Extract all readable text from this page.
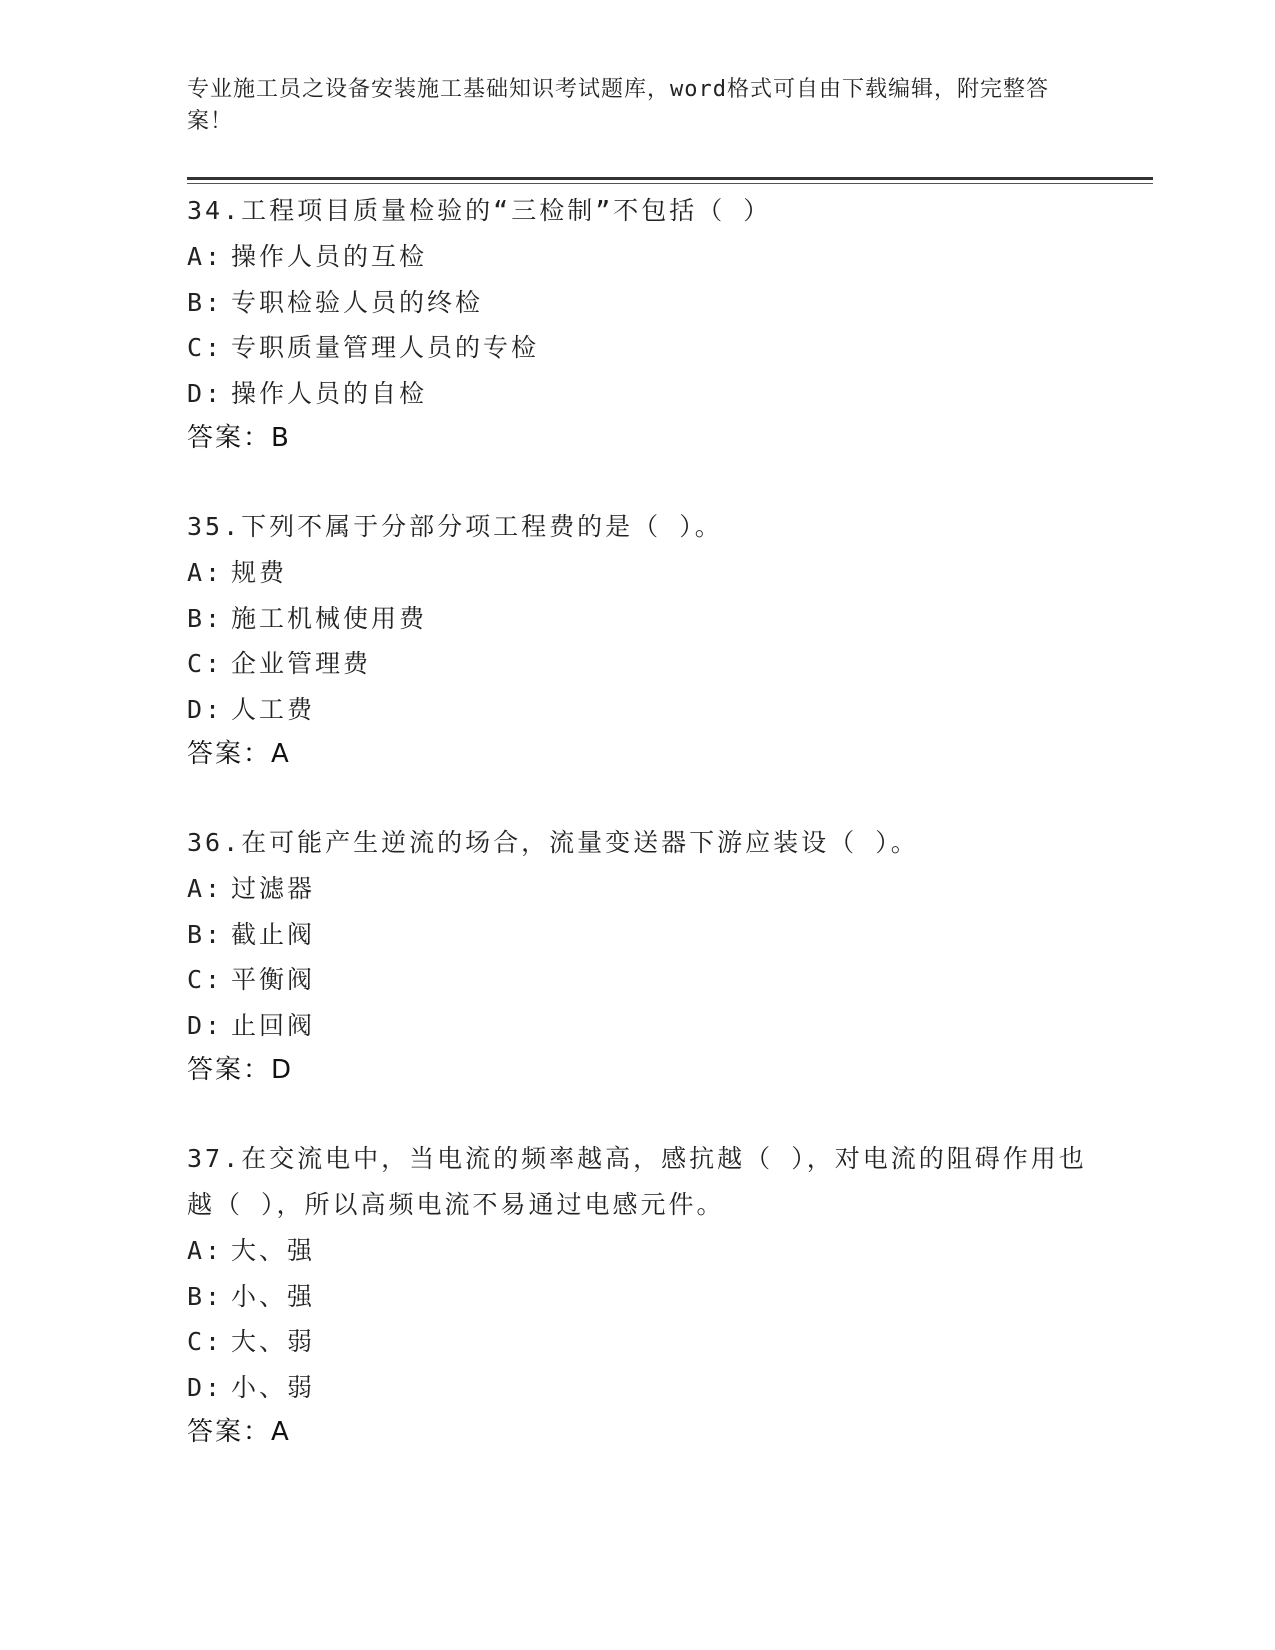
专业施工员之设备安装施工基础知识考试题库，word格式可自由下载编辑，附完整答案！
34.工程项目质量检验的“三检制”不包括（ ）
A: 操作人员的互检
B: 专职检验人员的终检
C: 专职质量管理人员的专检
D: 操作人员的自检
答案：B
35.下列不属于分部分项工程费的是（ ）。
A: 规费
B: 施工机械使用费
C: 企业管理费
D: 人工费
答案：A
36.在可能产生逆流的场合，流量变送器下游应装设（ ）。
A: 过滤器
B: 截止阀
C: 平衡阀
D: 止回阀
答案：D
37.在交流电中，当电流的频率越高，感抗越（ ），对电流的阻碍作用也越（ ），所以高频电流不易通过电感元件。
A: 大、强
B: 小、强
C: 大、弱
D: 小、弱
答案：A
